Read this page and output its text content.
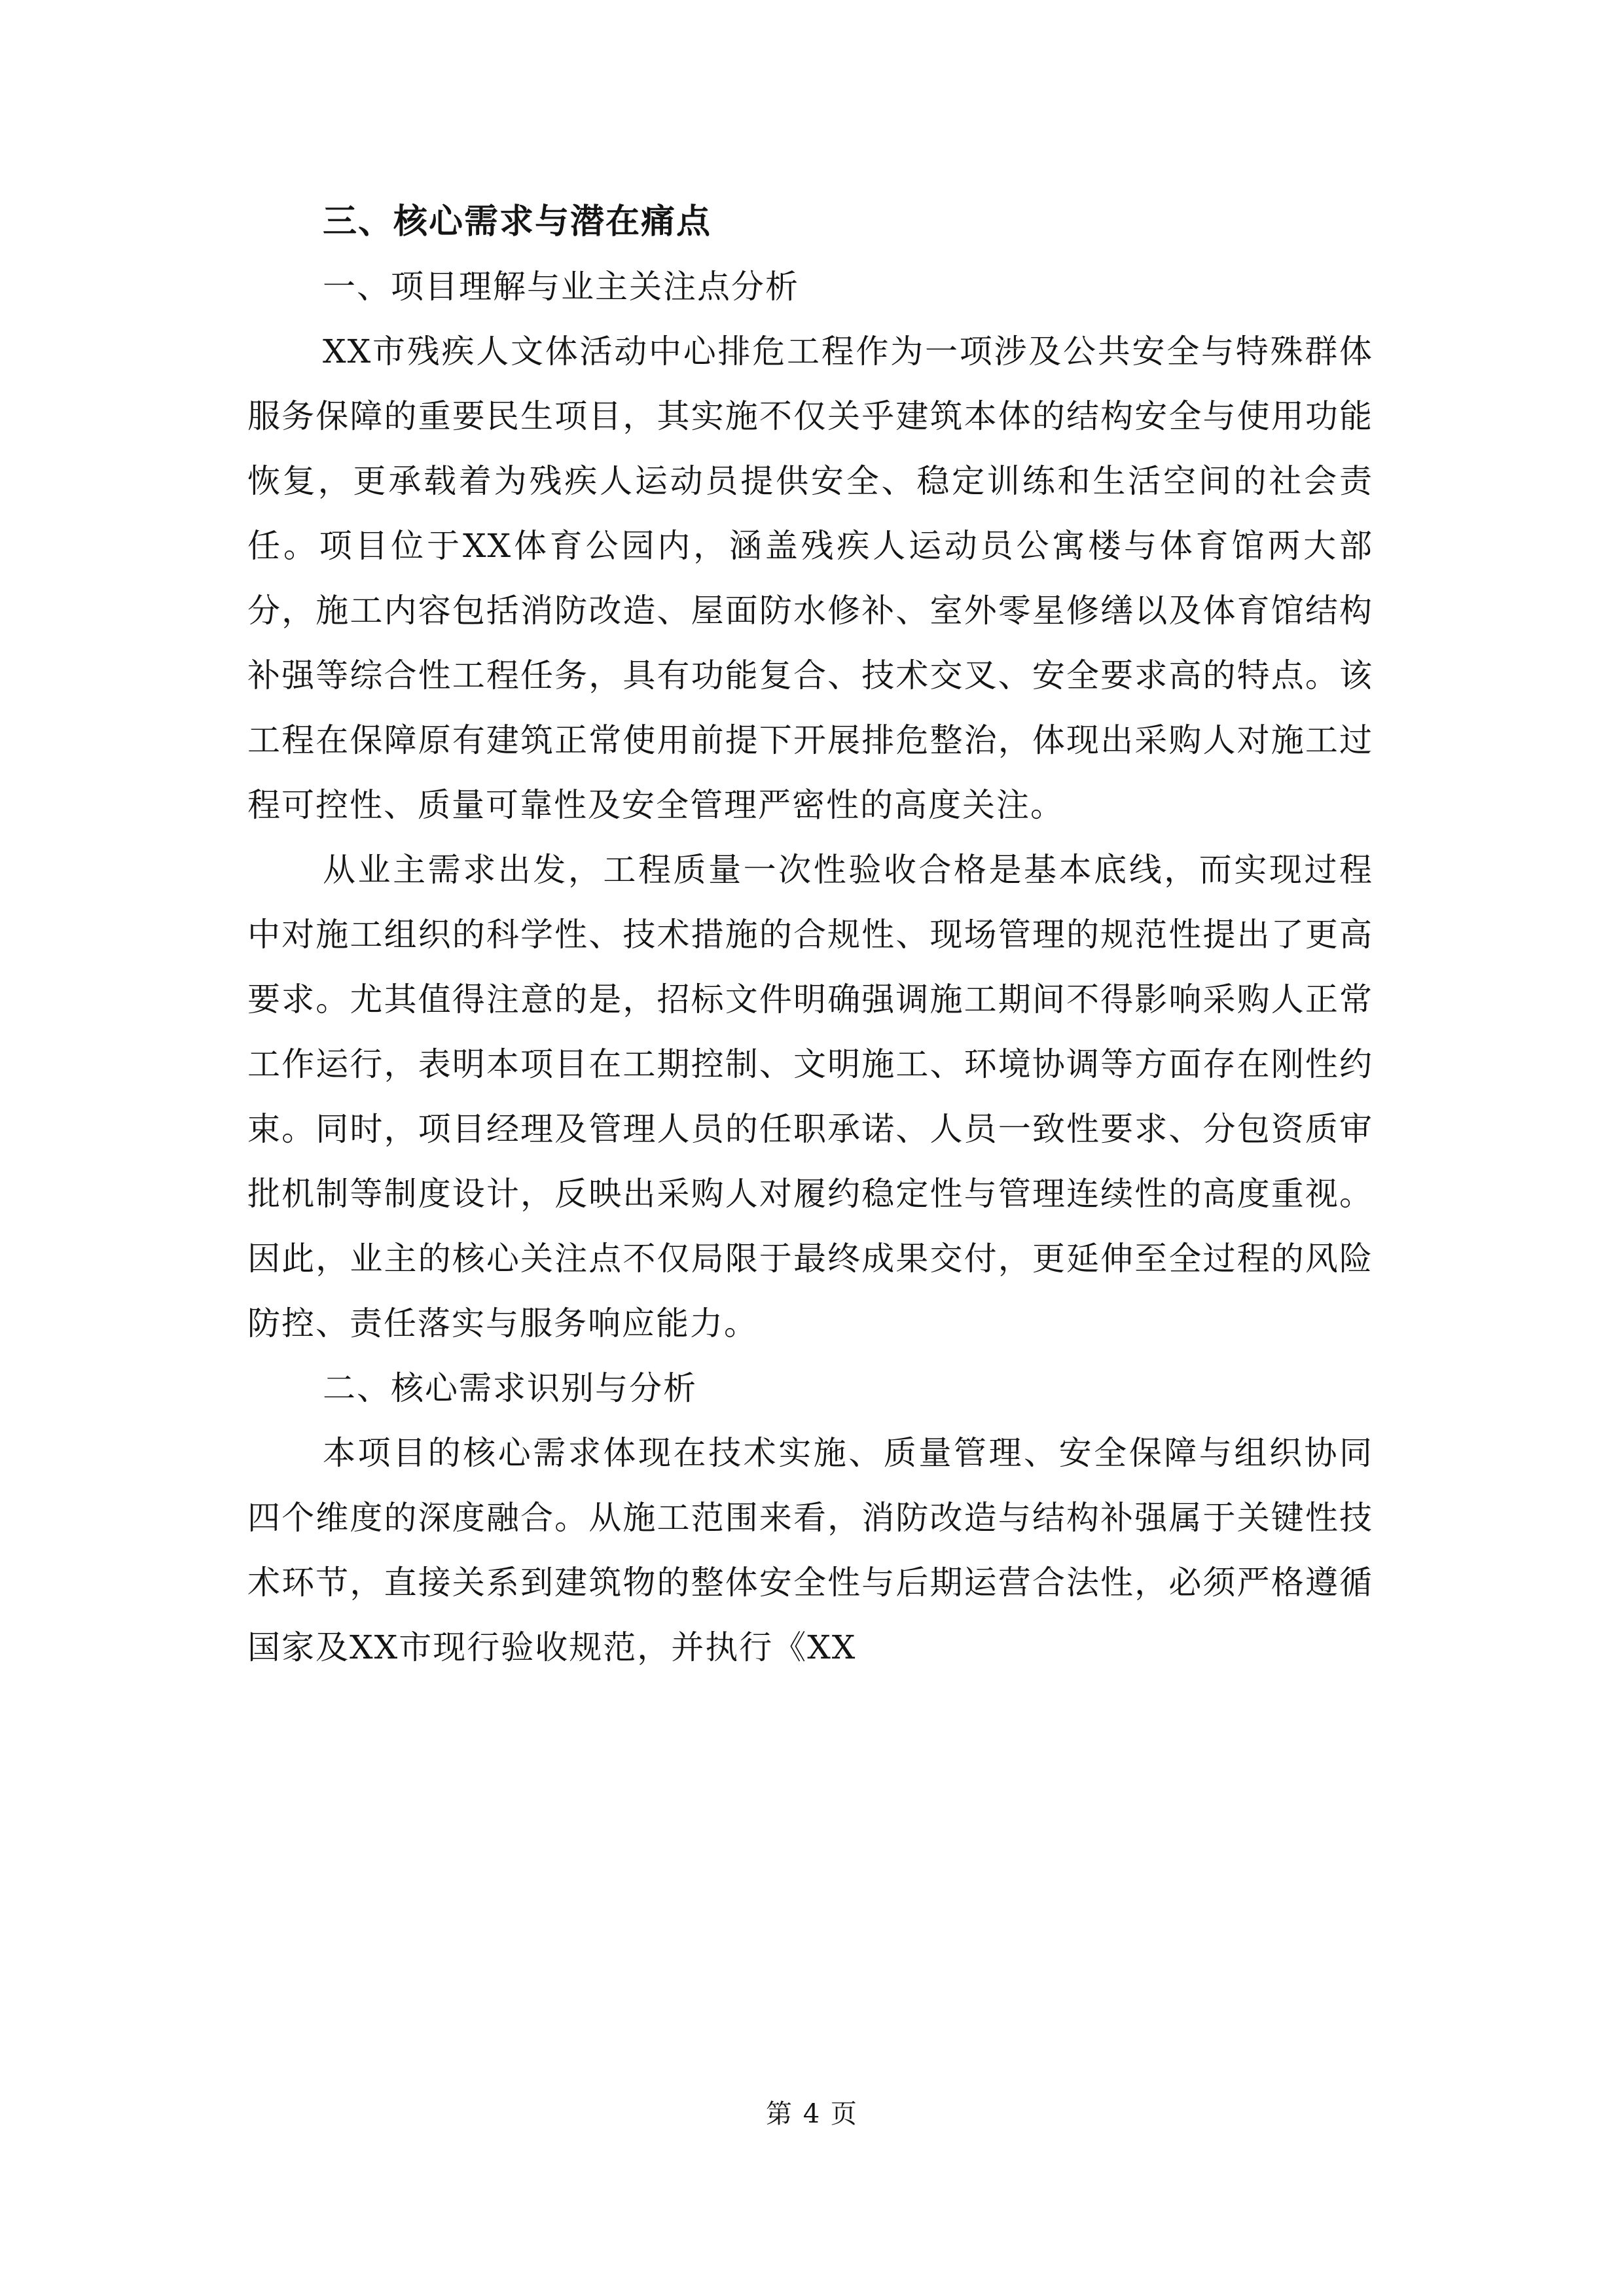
三、核心需求与潜在痛点

一、项目理解与业主关注点分析

XX市残疾人文体活动中心排危工程作为一项涉及公共安全与特殊群体服务保障的重要民生项目，其实施不仅关乎建筑本体的结构安全与使用功能恢复，更承载着为残疾人运动员提供安全、稳定训练和生活空间的社会责任。项目位于XX体育公园内，涵盖残疾人运动员公寓楼与体育馆两大部分，施工内容包括消防改造、屋面防水修补、室外零星修缮以及体育馆结构补强等综合性工程任务，具有功能复合、技术交叉、安全要求高的特点。该工程在保障原有建筑正常使用前提下开展排危整治，体现出采购人对施工过程可控性、质量可靠性及安全管理严密性的高度关注。

从业主需求出发，工程质量一次性验收合格是基本底线，而实现过程中对施工组织的科学性、技术措施的合规性、现场管理的规范性提出了更高要求。尤其值得注意的是，招标文件明确强调施工期间不得影响采购人正常工作运行，表明本项目在工期控制、文明施工、环境协调等方面存在刚性约束。同时，项目经理及管理人员的任职承诺、人员一致性要求、分包资质审批机制等制度设计，反映出采购人对履约稳定性与管理连续性的高度重视。因此，业主的核心关注点不仅局限于最终成果交付，更延伸至全过程的风险防控、责任落实与服务响应能力。

二、核心需求识别与分析

本项目的核心需求体现在技术实施、质量管理、安全保障与组织协同四个维度的深度融合。从施工范围来看，消防改造与结构补强属于关键性技术环节，直接关系到建筑物的整体安全性与后期运营合法性，必须严格遵循国家及XX市现行验收规范，并执行《XX

第 4 页
